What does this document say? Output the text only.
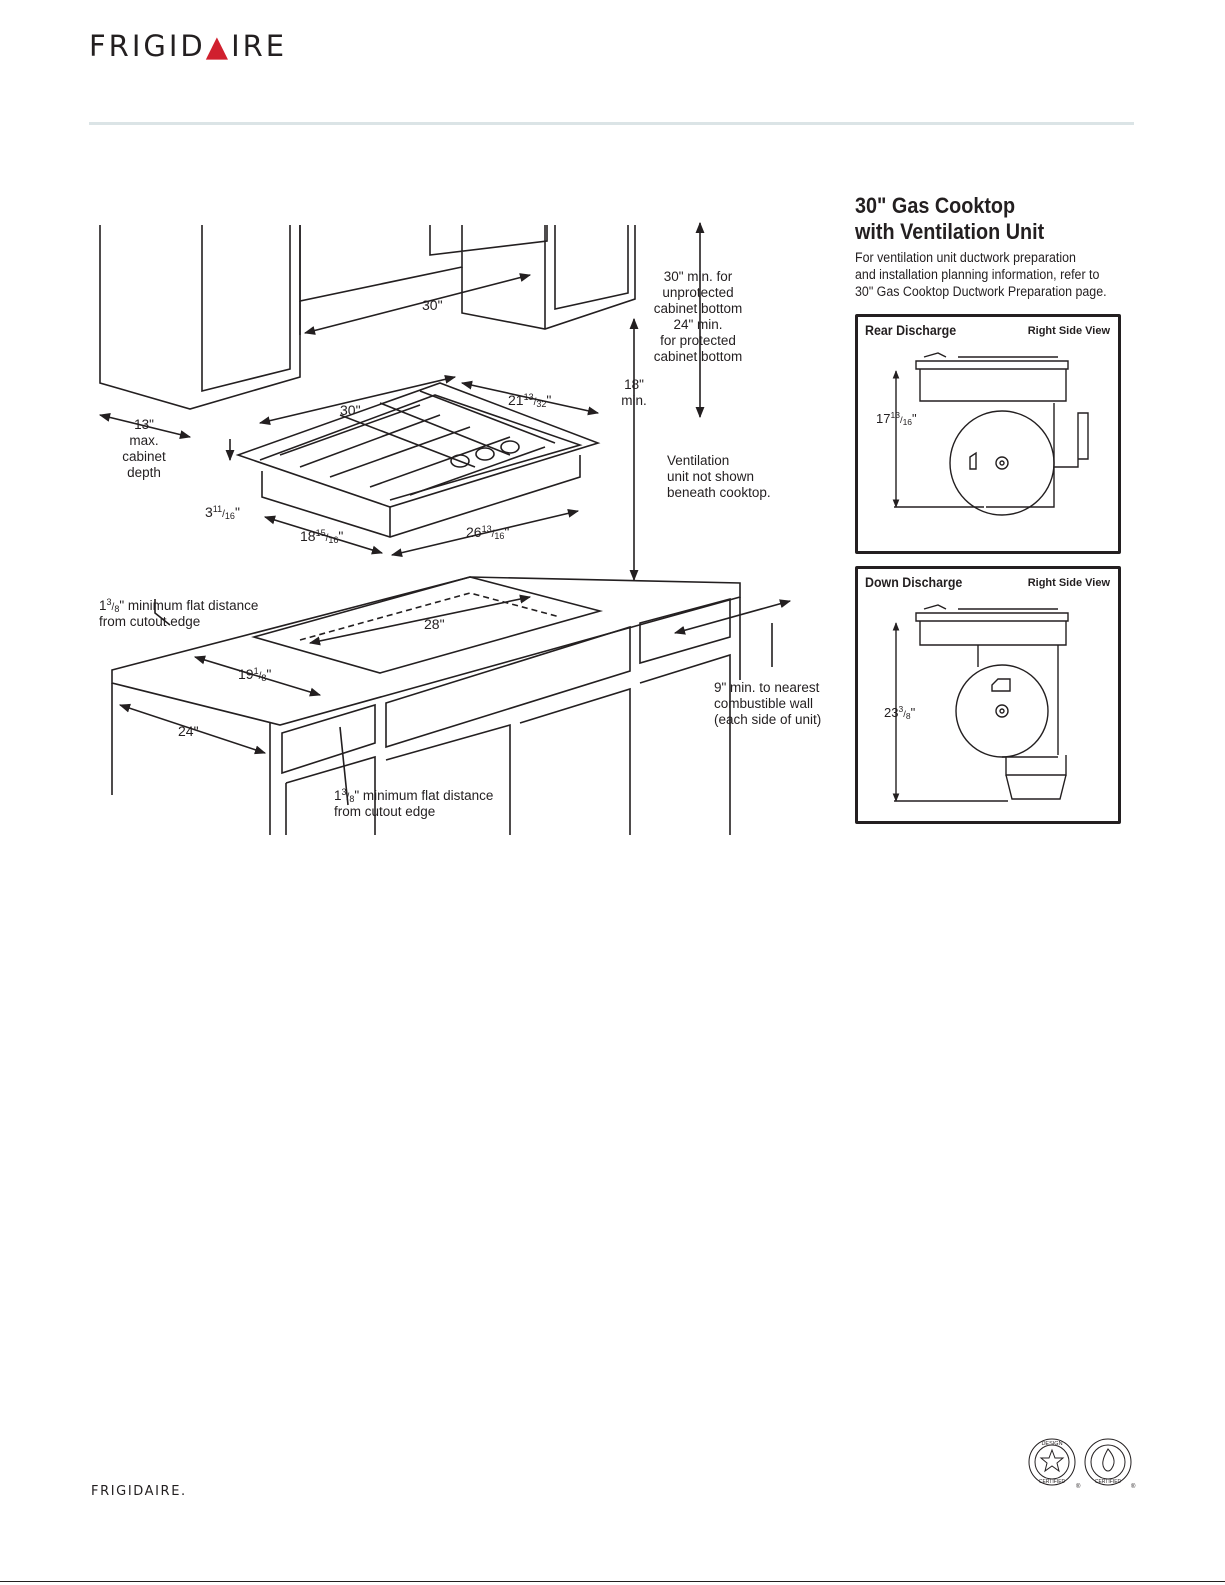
FRIGID▲IRE
30"
30" min. for
unprotected
cabinet bottom
24" min.
for protected
cabinet bottom
18"
min.
13"
max.
cabinet
depth
30"
$21^{13}_/32$"
$3^{11}_/16$"
$18^{15}_/16$"	$26^{13}_/16$"
Ventilation
unit not shown
beneath cooktop.
$1^3_/8$" minimum flat distance
from cutout edge	28"
$19^1_/8$"
24"
9" min. to nearest
combustible wall
(each side of unit)
$1^3_/8$" minimum flat distance
from cutout edge
30" Gas Cooktop
with Ventilation Unit
For ventilation unit ductwork preparation
and installation planning information, refer to
30" Gas Cooktop Ductwork Preparation page.
$17^{13}_/16$"
Rear Discharge	Right Side View
$23^3_/8$"
Down Discharge	Right Side View
DESIGN
CERTIFIED	CERTIFIED
®	®
FRIGIDAIRE.
